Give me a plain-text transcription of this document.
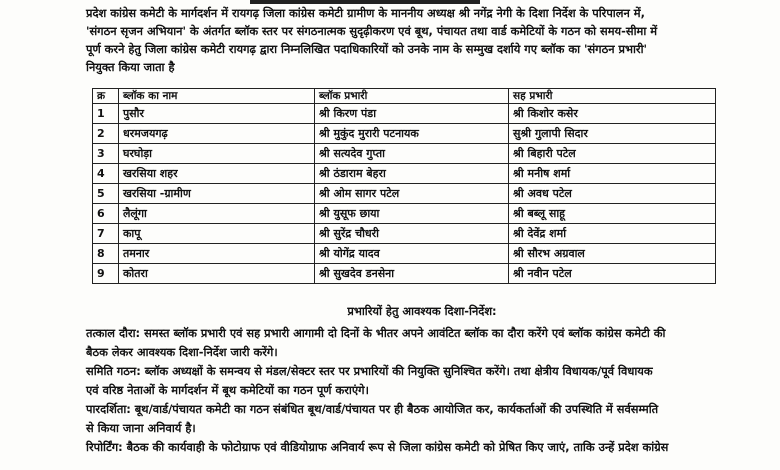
प्रदेश कांग्रेस कमेटी के मार्गदर्शन में रायगढ़ जिला कांग्रेस कमेटी ग्रामीण के माननीय अध्यक्ष श्री नगेंद्र नेगी के दिशा निर्देश के परिपालन में,

'संगठन सृजन अभियान' के अंतर्गत ब्लॉक स्तर पर संगठनात्मक सुदृढ़ीकरण एवं बूथ, पंचायत तथा वार्ड कमेटियों के गठन को समय-सीमा में

पूर्ण करने हेतु जिला कांग्रेस कमेटी रायगढ़ द्वारा निम्नलिखित पदाधिकारियों को उनके नाम के सम्मुख दर्शाये गए ब्लॉक का 'संगठन प्रभारी'

नियुक्त किया जाता है

क्र	ब्लॉक का नाम	ब्लॉक प्रभारी	सह प्रभारी
1	पुसौर	श्री किरण पंडा	श्री किशोर कसेर
2	धरमजयगढ़	श्री मुकुंद मुरारी पटनायक	सुश्री गुलापी सिदार
3	घरघोड़ा	श्री सत्यदेव गुप्ता	श्री बिहारी पटेल
4	खरसिया शहर	श्री ठंडाराम बेहरा	श्री मनीष शर्मा
5	खरसिया -ग्रामीण	श्री ओम सागर पटेल	श्री अवध पटेल
6	लैलूंगा	श्री युसूफ छाया	श्री बब्लू साहू
7	कापू	श्री सुरेंद्र चौधरी	श्री देवेंद्र शर्मा
8	तमनार	श्री योगेंद्र यादव	श्री सौरभ अग्रवाल
9	कोतरा	श्री सुखदेव डनसेना	श्री नवीन पटेल

प्रभारियों हेतु आवश्यक दिशा-निर्देश:

तत्काल दौरा: समस्त ब्लॉक प्रभारी एवं सह प्रभारी आगामी दो दिनों के भीतर अपने आवंटित ब्लॉक का दौरा करेंगे एवं ब्लॉक कांग्रेस कमेटी की

बैठक लेकर आवश्यक दिशा-निर्देश जारी करेंगे।

समिति गठन: ब्लॉक अध्यक्षों के समन्वय से मंडल/सेक्टर स्तर पर प्रभारियों की नियुक्ति सुनिश्चित करेंगे। तथा क्षेत्रीय विधायक/पूर्व विधायक

एवं वरिष्ठ नेताओं के मार्गदर्शन में बूथ कमेटियों का गठन पूर्ण कराएंगे।

पारदर्शिता: बूथ/वार्ड/पंचायत कमेटी का गठन संबंधित बूथ/वार्ड/पंचायत पर ही बैठक आयोजित कर, कार्यकर्ताओं की उपस्थिति में सर्वसम्मति

से किया जाना अनिवार्य है।

रिपोर्टिंग: बैठक की कार्यवाही के फोटोग्राफ एवं वीडियोग्राफ अनिवार्य रूप से जिला कांग्रेस कमेटी को प्रेषित किए जाएं, ताकि उन्हें प्रदेश कांग्रेस
